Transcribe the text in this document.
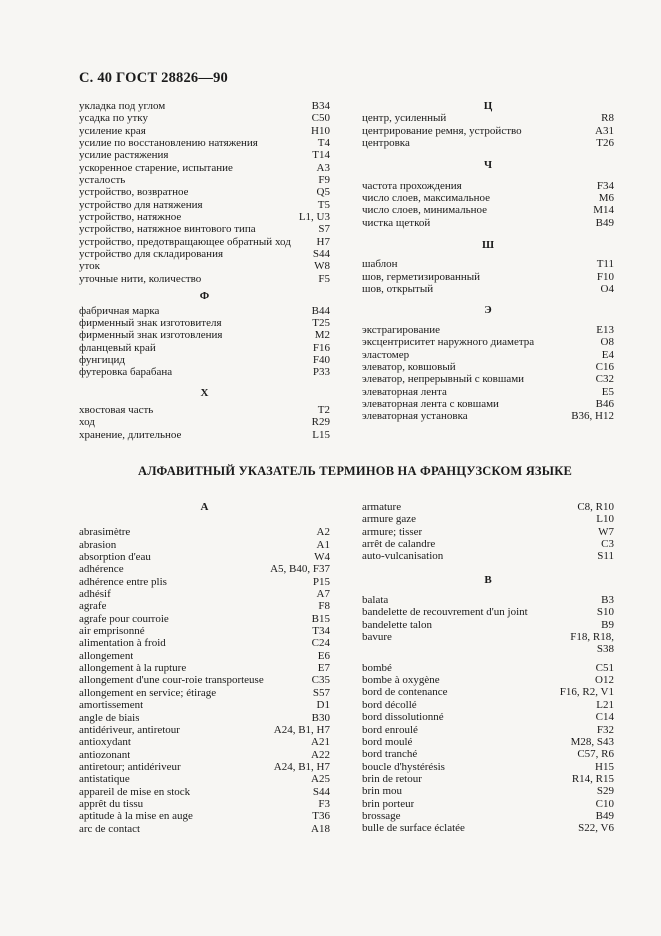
С. 40 ГОСТ 28826—90
укладка под углом	B34
усадка по утку	C50
усиление края	H10
усилие по восстановлению натяжения	T4
усилие растяжения	T14
ускоренное старение, испытание	A3
усталость	F9
устройство, возвратное	Q5
устройство для натяжения	T5
устройство, натяжное	L1, U3
устройство, натяжное винтового типа	S7
устройство, предотвращающее обратный ход	H7
устройство для складирования	S44
уток	W8
уточные нити, количество	F5
Ф
фабричная марка	B44
фирменный знак изготовителя	T25
фирменный знак изготовления	M2
фланцевый край	F16
фунгицид	F40
футеровка барабана	P33
Х
хвостовая часть	T2
ход	R29
хранение, длительное	L15
Ц
центр, усиленный	R8
центрирование ремня, устройство	A31
центровка	T26
Ч
частота прохождения	F34
число слоев, максимальное	M6
число слоев, минимальное	M14
чистка щеткой	B49
Ш
шаблон	T11
шов, герметизированный	F10
шов, открытый	O4
Э
экстрагирование	E13
эксцентриситет наружного диаметра	O8
эластомер	E4
элеватор, ковшовый	C16
элеватор, непрерывный с ковшами	C32
элеваторная лента	E5
элеваторная лента с ковшами	B46
элеваторная установка	B36, H12
АЛФАВИТНЫЙ УКАЗАТЕЛЬ ТЕРМИНОВ НА ФРАНЦУЗСКОМ ЯЗЫКЕ
A
abrasimètre	A2
abrasion	A1
absorption d'eau	W4
adhérence	A5, B40, F37
adhérence entre plis	P15
adhésif	A7
agrafe	F8
agrafe pour courroie	B15
air emprisonné	T34
alimentation à froid	C24
allongement	E6
allongement à la rupture	E7
allongement d'une cour-roie transporteuse	C35
allongement en service; étirage	S57
amortissement	D1
angle de biais	B30
antidériveur, antiretour	A24, B1, H7
antioxydant	A21
antiozonant	A22
antiretour; antidériveur	A24, B1, H7
antistatique	A25
appareil de mise en stock	S44
apprêt du tissu	F3
aptitude à la mise en auge	T36
arc de contact	A18
armature	C8, R10
armure gaze	L10
armure; tisser	W7
arrêt de calandre	C3
auto-vulcanisation	S11
B
balata	B3
bandelette de recouvrement d'un joint	S10
bandelette talon	B9
bavure	F18, R18,
S38
bombé	C51
bombe à oxygène	O12
bord de contenance	F16, R2, V1
bord décollé	L21
bord dissolutionné	C14
bord enroulé	F32
bord moulé	M28, S43
bord tranché	C57, R6
boucle d'hystérésis	H15
brin de retour	R14, R15
brin mou	S29
brin porteur	C10
brossage	B49
bulle de surface éclatée	S22, V6
